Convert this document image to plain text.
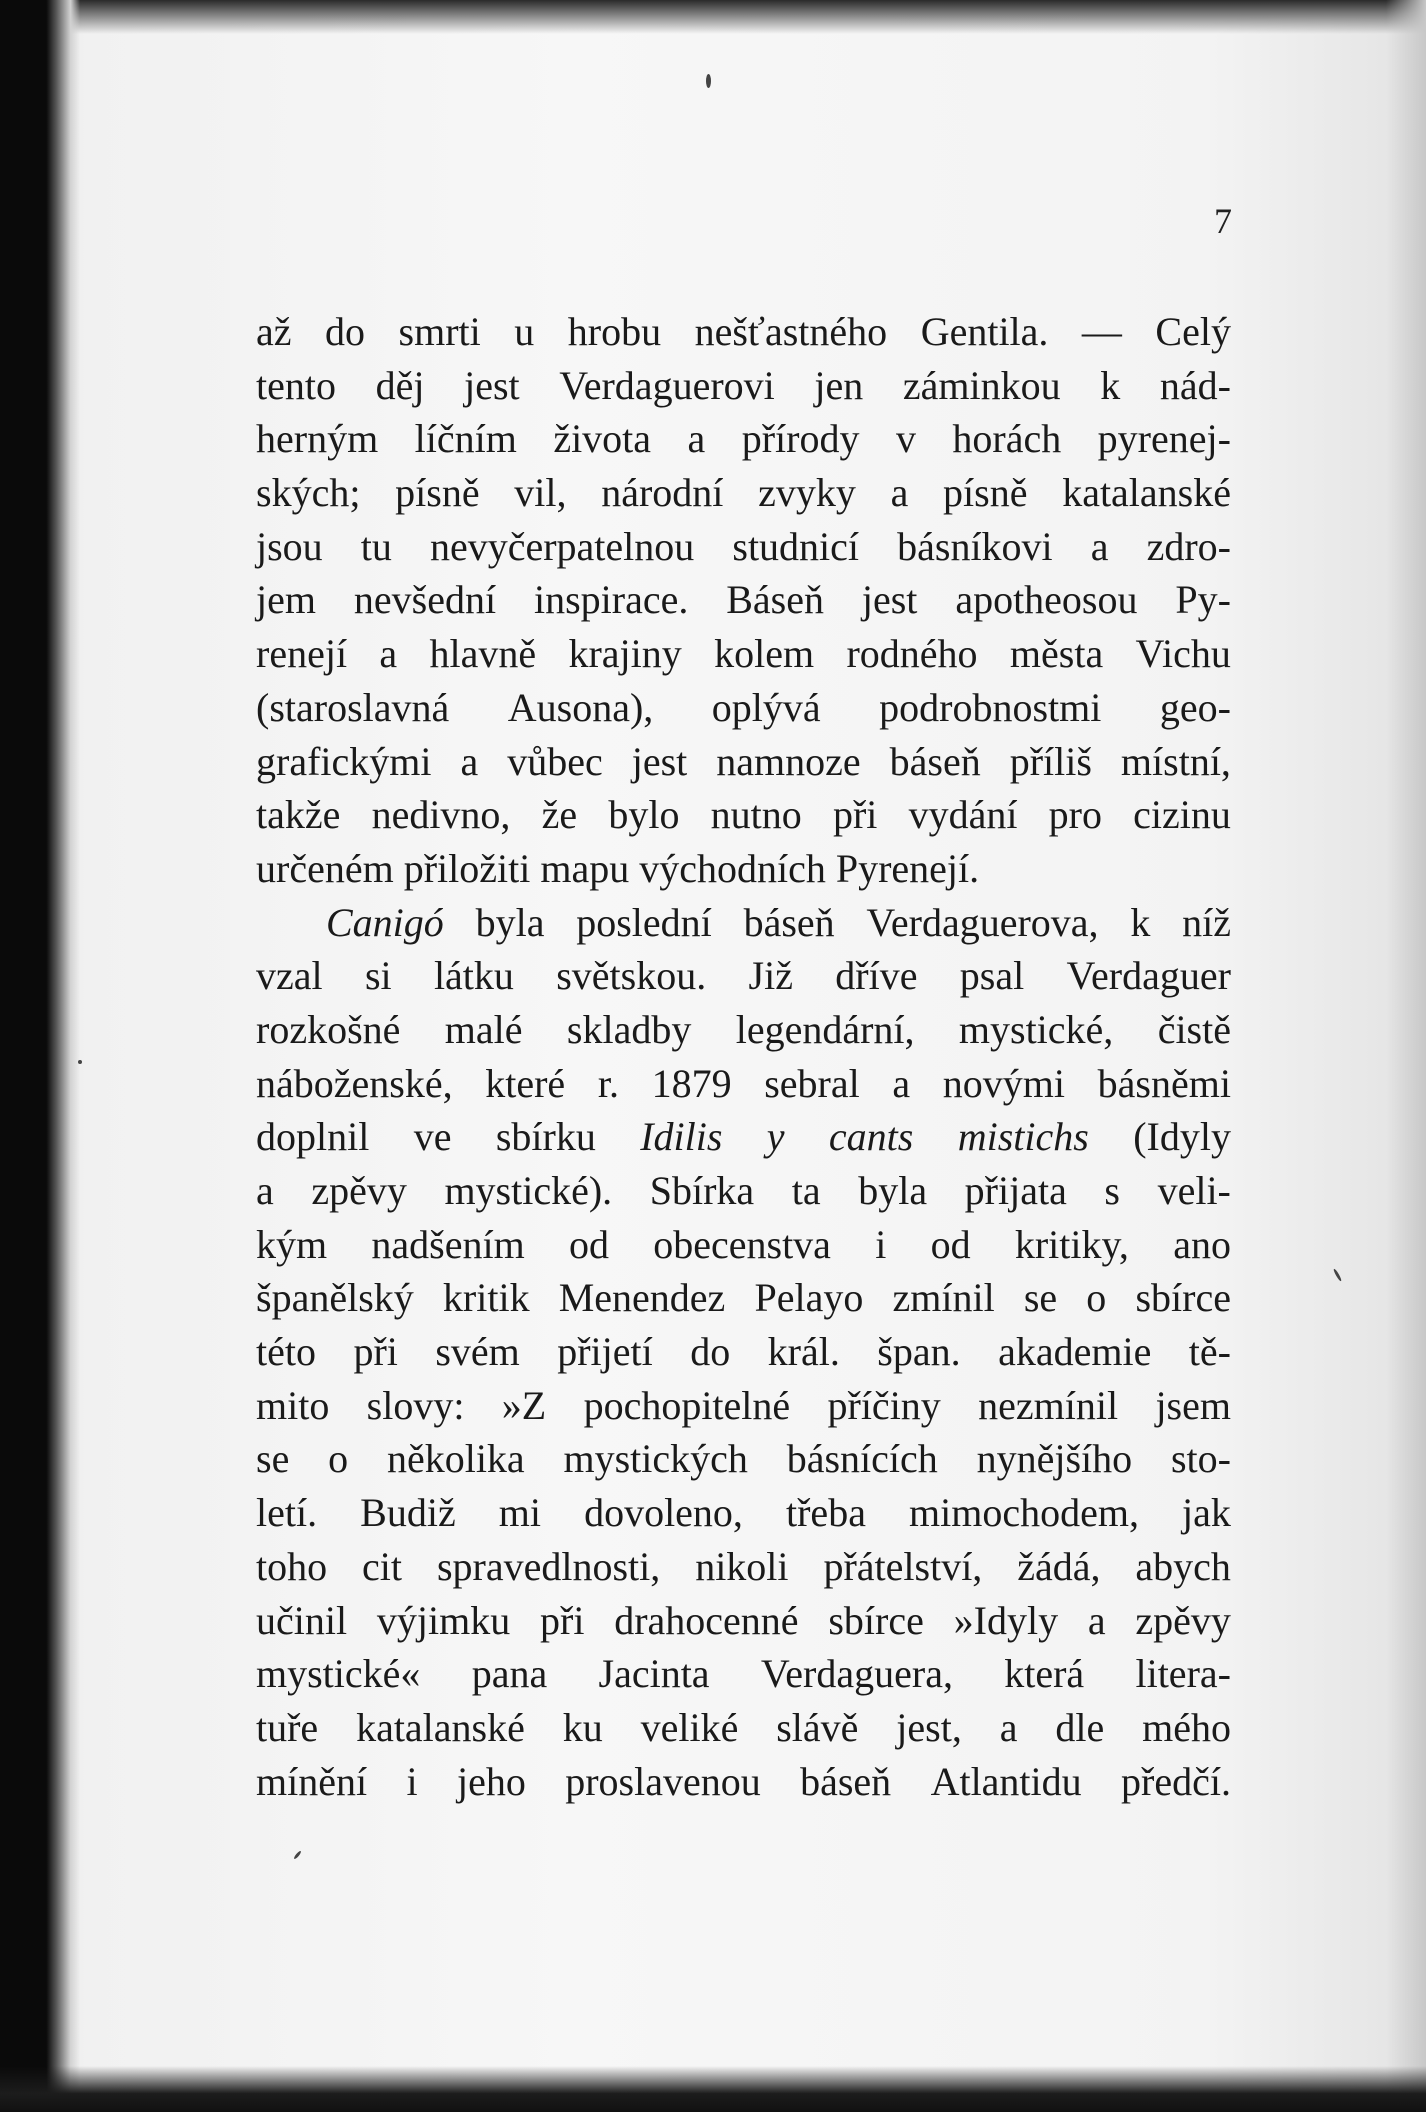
7
až do smrti u hrobu nešťastného Gentila. — Celý
tento děj jest Verdaguerovi jen záminkou k nád-
herným líčním života a přírody v horách pyrenej-
ských; písně vil, národní zvyky a písně katalanské
jsou tu nevyčerpatelnou studnicí básníkovi a zdro-
jem nevšední inspirace. Báseň jest apotheosou Py-
renejí a hlavně krajiny kolem rodného města Vichu
(staroslavná Ausona), oplývá podrobnostmi geo-
grafickými a vůbec jest namnoze báseň příliš místní,
takže nedivno, že bylo nutno při vydání pro cizinu
určeném přiložiti mapu východních Pyrenejí.
Canigó byla poslední báseň Verdaguerova, k níž
vzal si látku světskou. Již dříve psal Verdaguer
rozkošné malé skladby legendární, mystické, čistě
náboženské, které r. 1879 sebral a novými básněmi
doplnil ve sbírku Idilis y cants mistichs (Idyly
a zpěvy mystické). Sbírka ta byla přijata s veli-
kým nadšením od obecenstva i od kritiky, ano
španělský kritik Menendez Pelayo zmínil se o sbírce
této při svém přijetí do král. špan. akademie tě-
mito slovy: »Z pochopitelné příčiny nezmínil jsem
se o několika mystických básnících nynějšího sto-
letí. Budiž mi dovoleno, třeba mimochodem, jak
toho cit spravedlnosti, nikoli přátelství, žádá, abych
učinil výjimku při drahocenné sbírce »Idyly a zpěvy
mystické« pana Jacinta Verdaguera, která litera-
tuře katalanské ku veliké slávě jest, a dle mého
mínění i jeho proslavenou báseň Atlantidu předčí.
